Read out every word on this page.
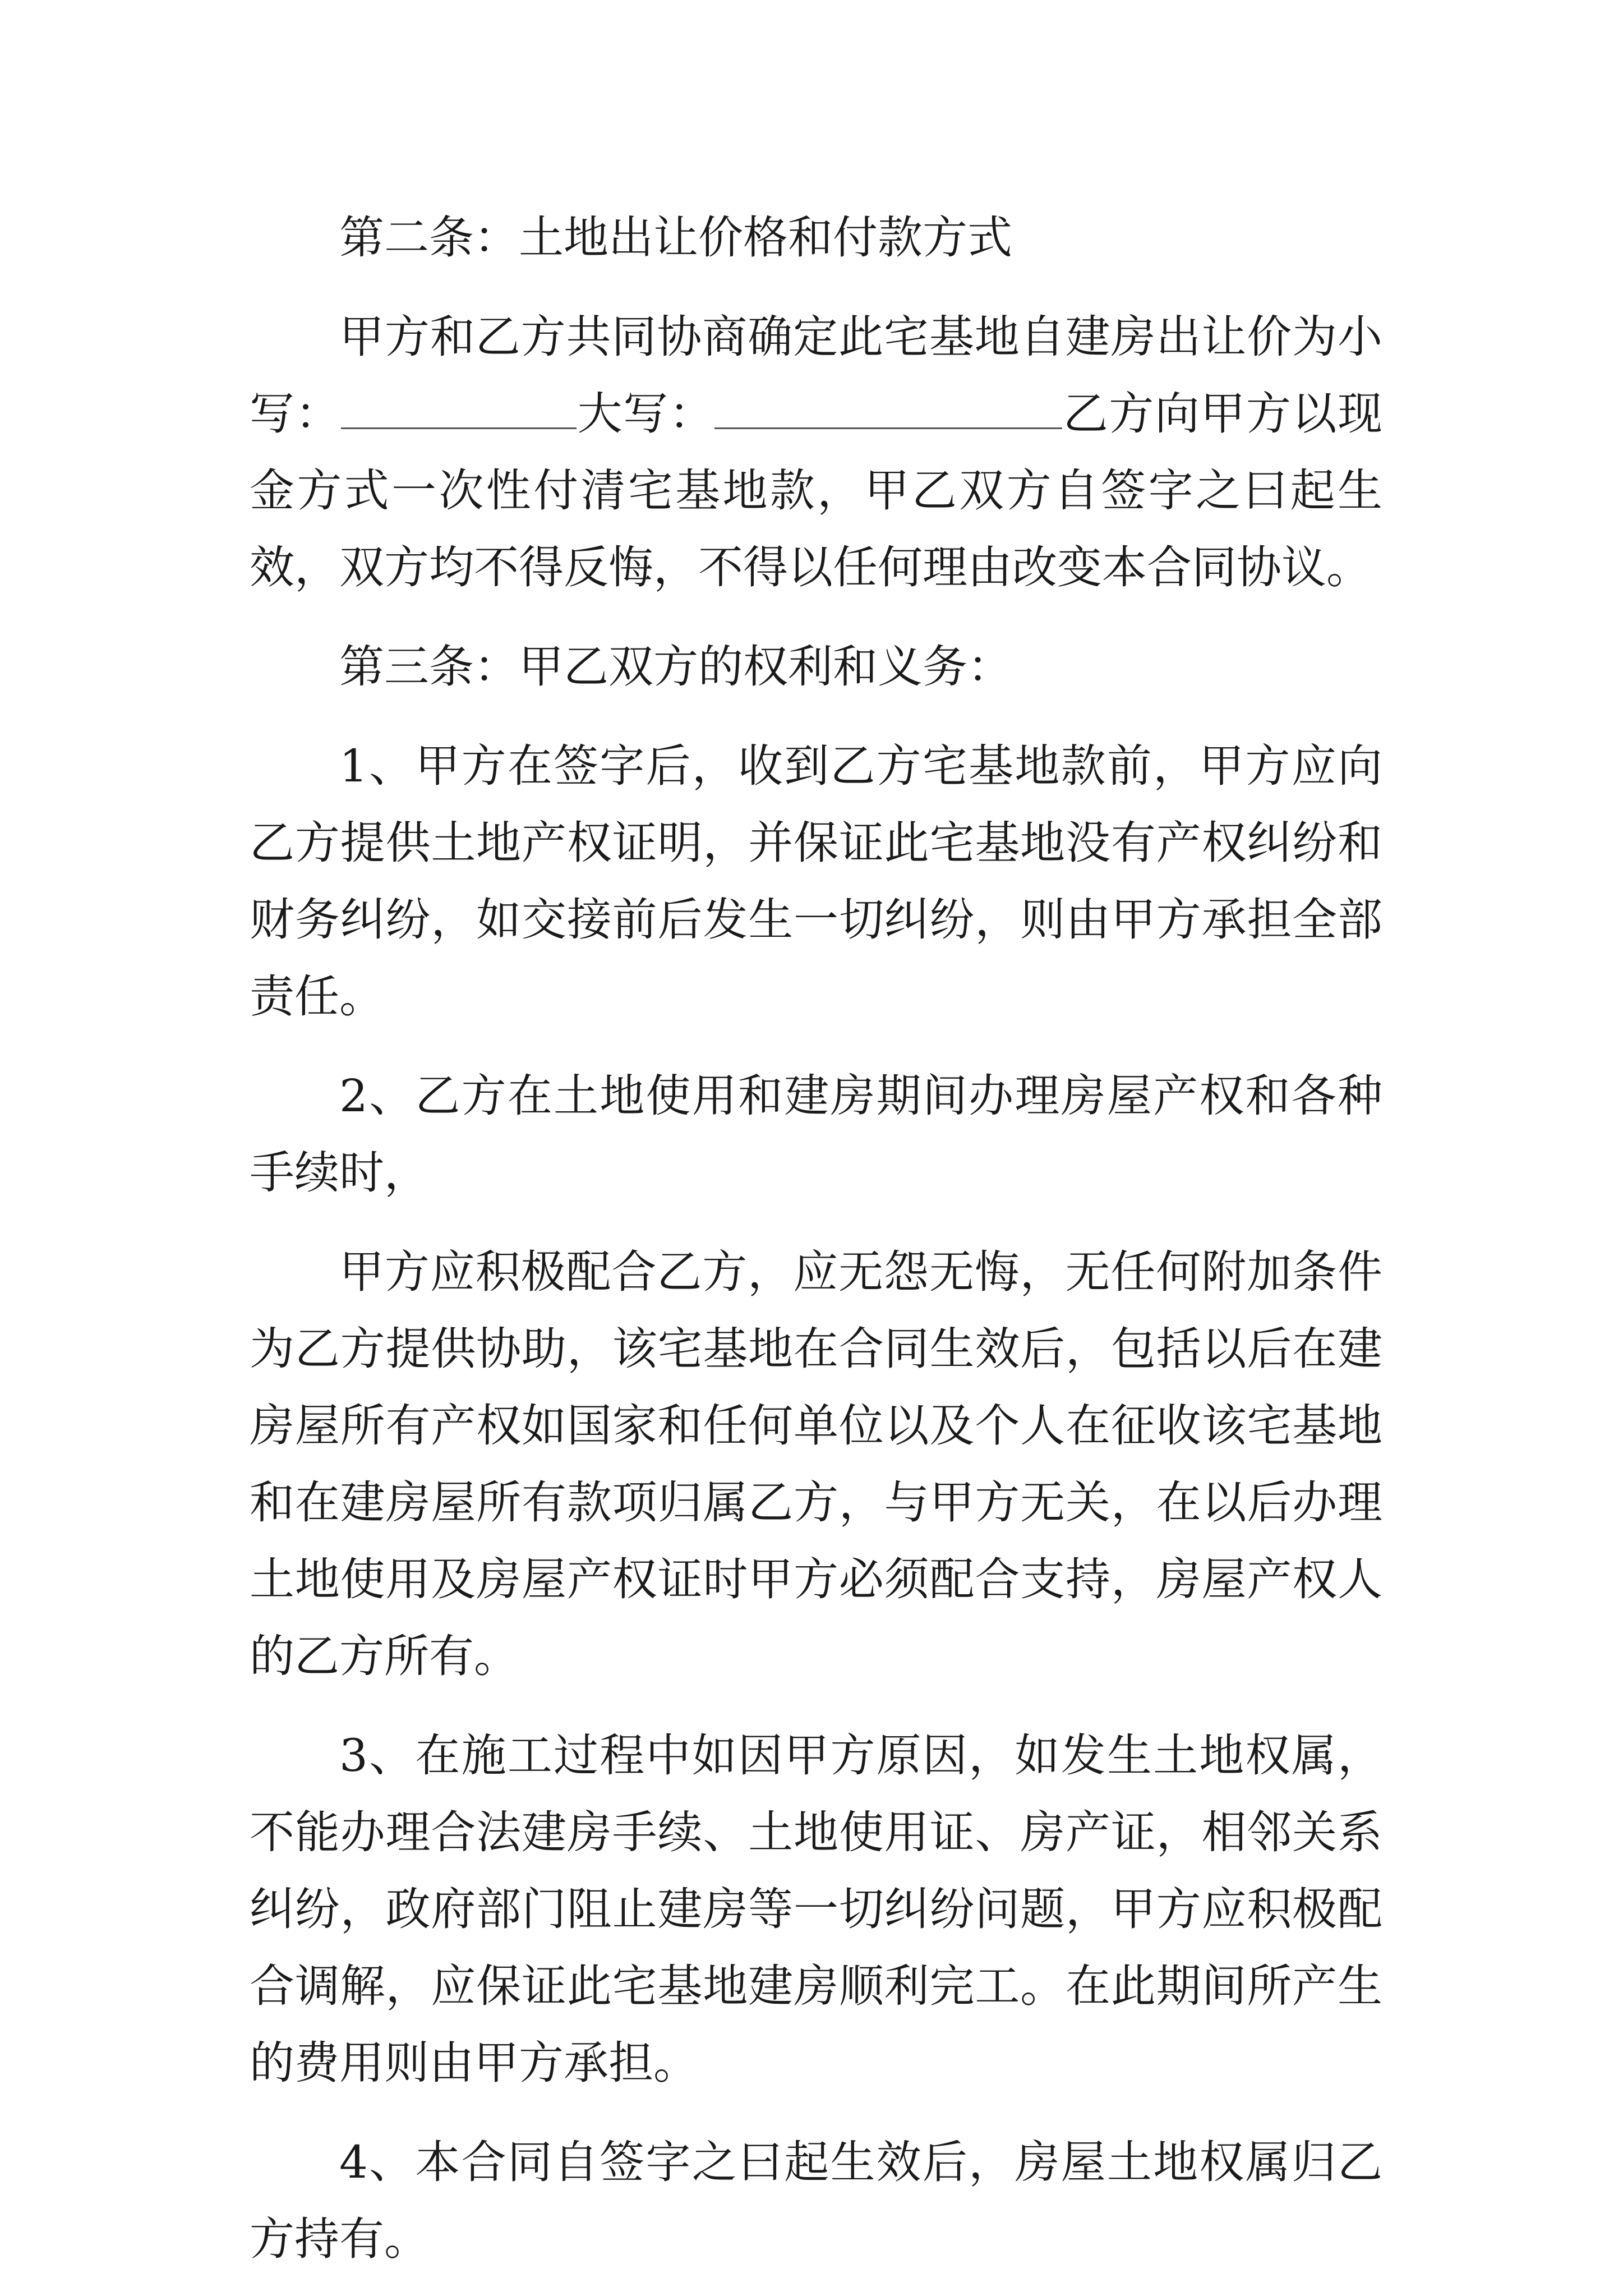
第二条：土地出让价格和付款方式

甲方和乙方共同协商确定此宅基地自建房出让价为小写：	大写：	乙方向甲方以现金方式一次性付清宅基地款，甲乙双方自签字之曰起生效，双方均不得反悔，不得以任何理由改变本合同协议。

第三条：甲乙双方的权利和义务：

1、甲方在签字后，收到乙方宅基地款前，甲方应向乙方提供土地产权证明，并保证此宅基地没有产权纠纷和财务纠纷，如交接前后发生一切纠纷，则由甲方承担全部责任。

2、乙方在土地使用和建房期间办理房屋产权和各种手续时，

甲方应积极配合乙方，应无怨无悔，无任何附加条件为乙方提供协助，该宅基地在合同生效后，包括以后在建房屋所有产权如国家和任何单位以及个人在征收该宅基地和在建房屋所有款项归属乙方，与甲方无关，在以后办理土地使用及房屋产权证时甲方必须配合支持，房屋产权人的乙方所有。

3、在施工过程中如因甲方原因，如发生土地权属，不能办理合法建房手续、土地使用证、房产证，相邻关系纠纷，政府部门阻止建房等一切纠纷问题，甲方应积极配合调解，应保证此宅基地建房顺利完工。在此期间所产生的费用则由甲方承担。

4、本合同自签字之曰起生效后，房屋土地权属归乙方持有。
